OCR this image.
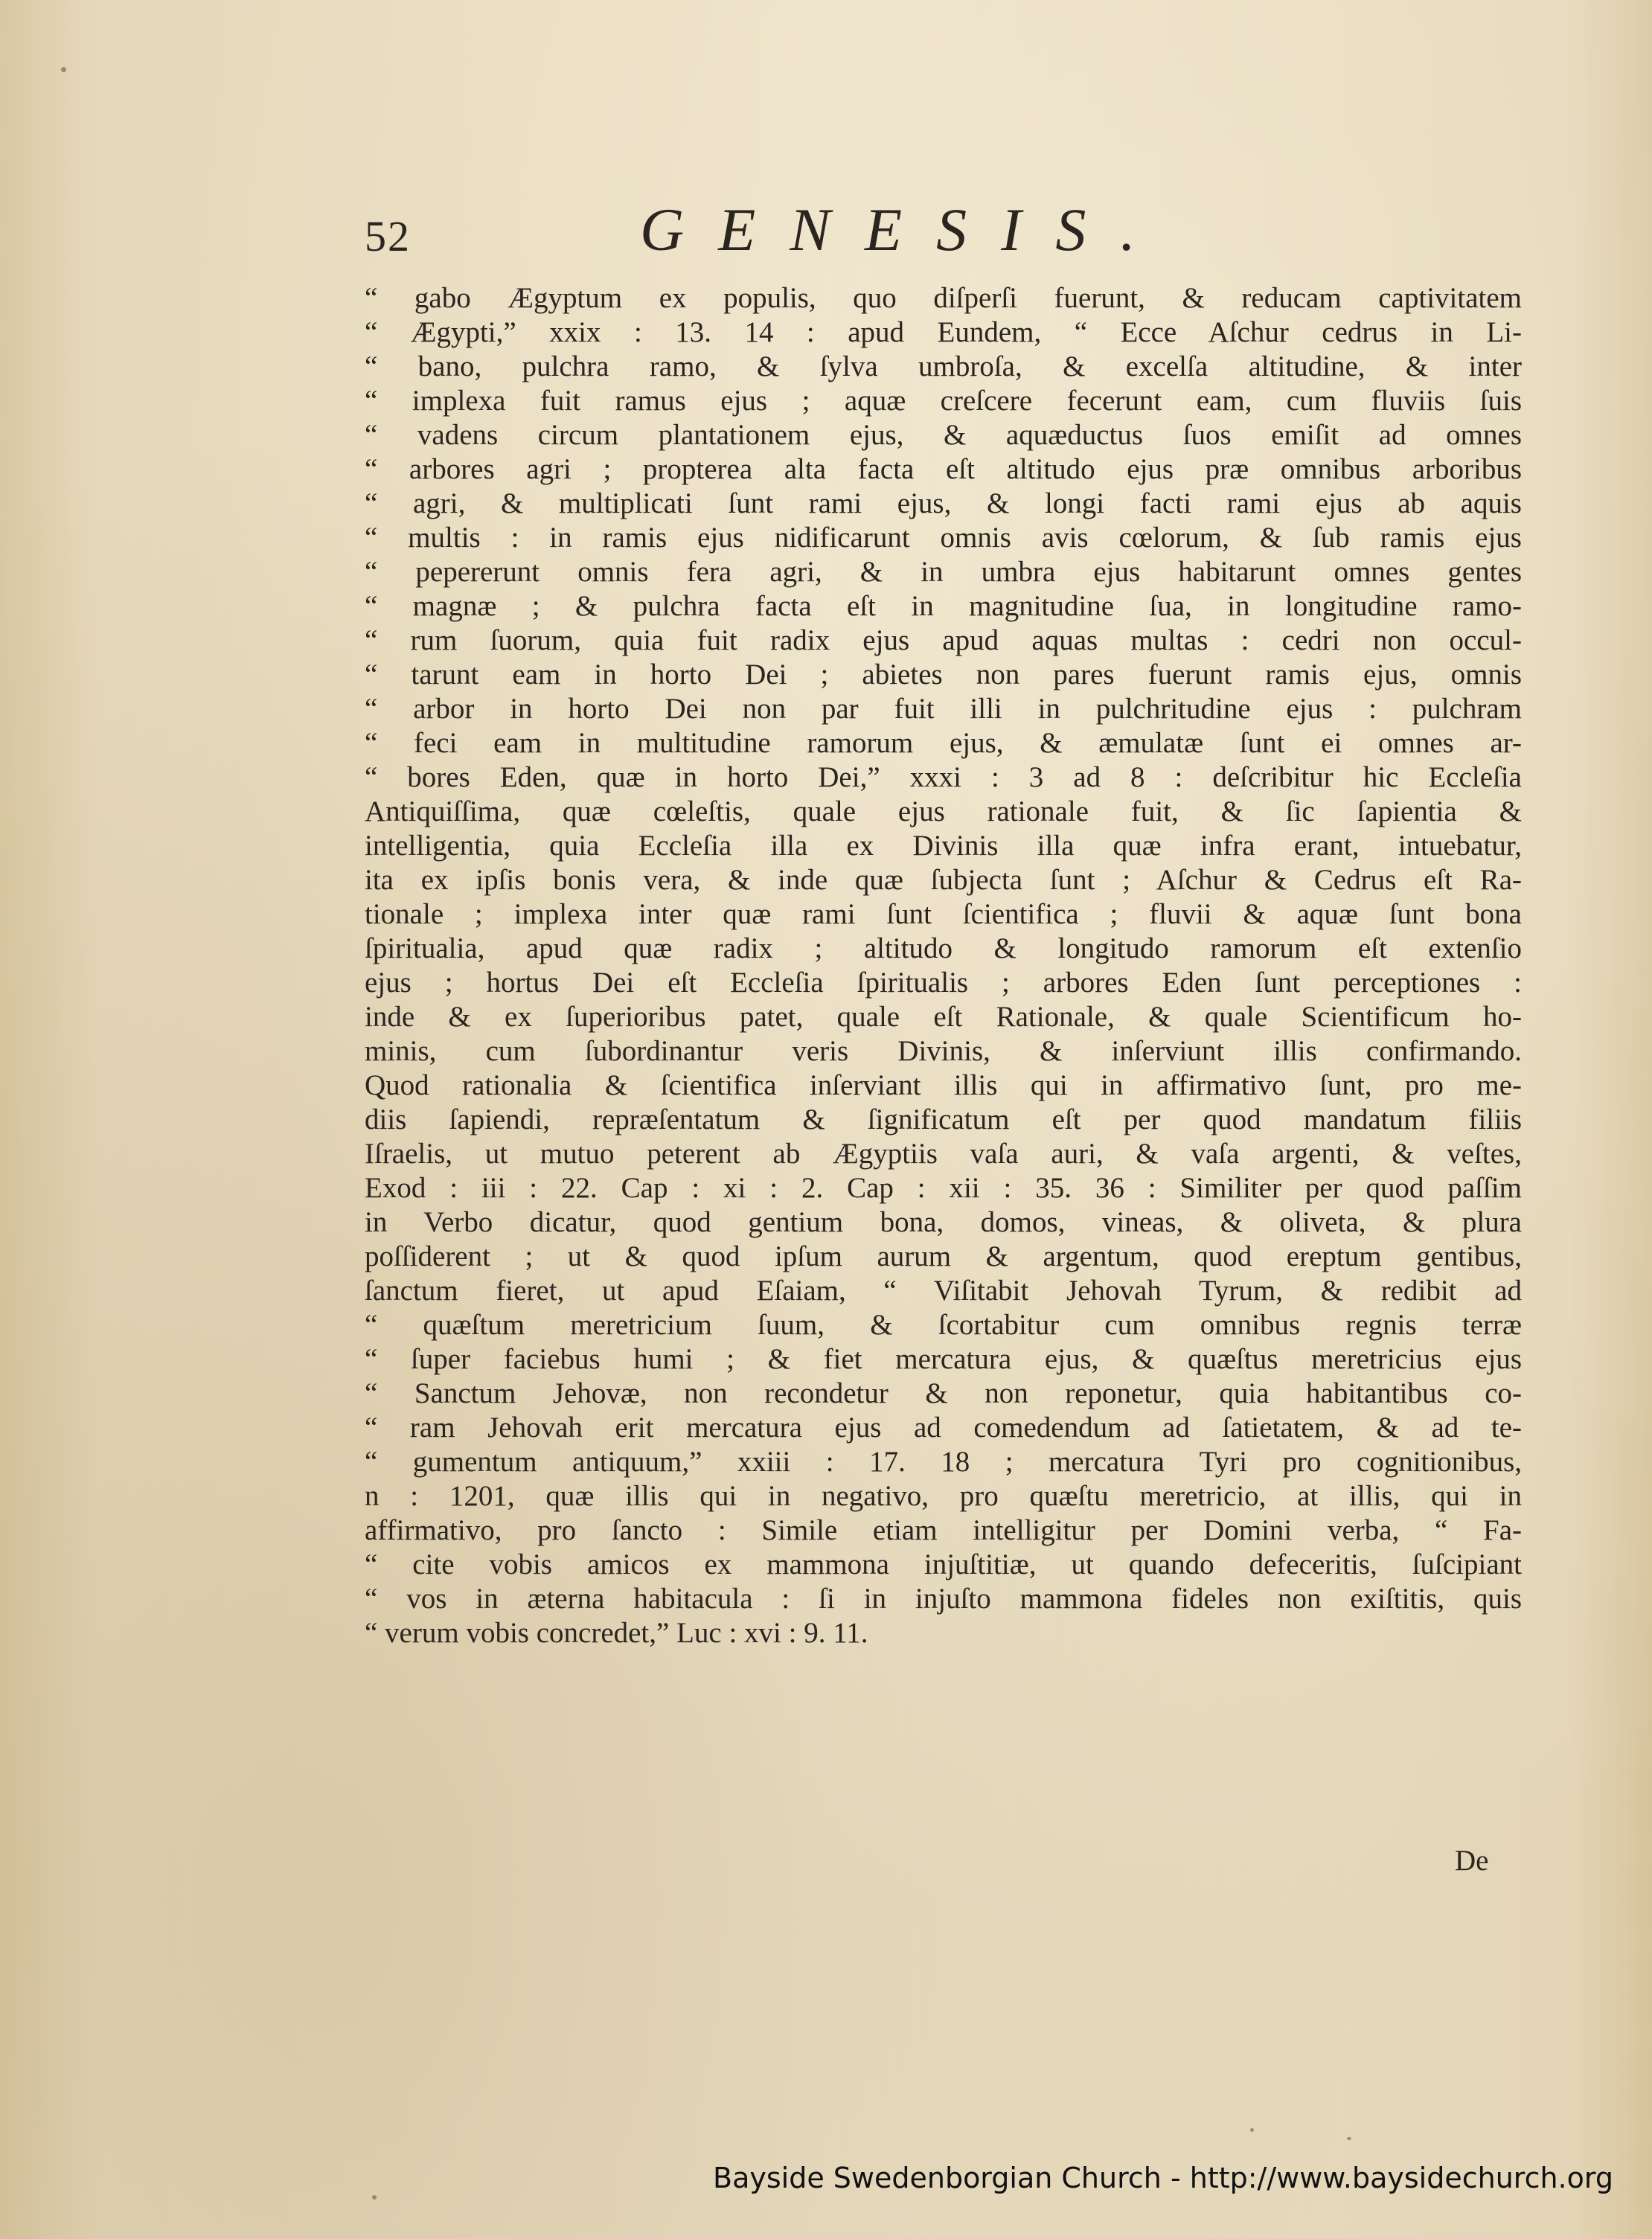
52	GENESIS.
“ gabo Ægyptum ex populis, quo diſperſi fuerunt, & reducam captivitatem
“ Ægypti,” xxix : 13. 14 : apud Eundem, “ Ecce Aſchur cedrus in Li-
“ bano, pulchra ramo, & ſylva umbroſa, & excelſa altitudine, & inter
“ implexa fuit ramus ejus ; aquæ creſcere fecerunt eam, cum fluviis ſuis
“ vadens circum plantationem ejus, & aquæductus ſuos emiſit ad omnes
“ arbores agri ; propterea alta facta eſt altitudo ejus præ omnibus arboribus
“ agri, & multiplicati ſunt rami ejus, & longi facti rami ejus ab aquis
“ multis : in ramis ejus nidificarunt omnis avis cœlorum, & ſub ramis ejus
“ pepererunt omnis fera agri, & in umbra ejus habitarunt omnes gentes
“ magnæ ; & pulchra facta eſt in magnitudine ſua, in longitudine ramo-
“ rum ſuorum, quia fuit radix ejus apud aquas multas : cedri non occul-
“ tarunt eam in horto Dei ; abietes non pares fuerunt ramis ejus, omnis
“ arbor in horto Dei non par fuit illi in pulchritudine ejus : pulchram
“ feci eam in multitudine ramorum ejus, & æmulatæ ſunt ei omnes ar-
“ bores Eden, quæ in horto Dei,” xxxi : 3 ad 8 : deſcribitur hic Eccleſia
Antiquiſſima, quæ cœleſtis, quale ejus rationale fuit, & ſic ſapientia &
intelligentia, quia Eccleſia illa ex Divinis illa quæ infra erant, intuebatur,
ita ex ipſis bonis vera, & inde quæ ſubjecta ſunt ; Aſchur & Cedrus eſt Ra-
tionale ; implexa inter quæ rami ſunt ſcientifica ; fluvii & aquæ ſunt bona
ſpiritualia, apud quæ radix ; altitudo & longitudo ramorum eſt extenſio
ejus ; hortus Dei eſt Eccleſia ſpiritualis ; arbores Eden ſunt perceptiones :
inde & ex ſuperioribus patet, quale eſt Rationale, & quale Scientificum ho-
minis, cum ſubordinantur veris Divinis, & inſerviunt illis confirmando.
Quod rationalia & ſcientifica inſerviant illis qui in affirmativo ſunt, pro me-
diis ſapiendi, repræſentatum & ſignificatum eſt per quod mandatum filiis
Iſraelis, ut mutuo peterent ab Ægyptiis vaſa auri, & vaſa argenti, & veſtes,
Exod : iii : 22. Cap : xi : 2. Cap : xii : 35. 36 : Similiter per quod paſſim
in Verbo dicatur, quod gentium bona, domos, vineas, & oliveta, & plura
poſſiderent ; ut & quod ipſum aurum & argentum, quod ereptum gentibus,
ſanctum fieret, ut apud Eſaiam, “ Viſitabit Jehovah Tyrum, & redibit ad
“ quæſtum meretricium ſuum, & ſcortabitur cum omnibus regnis terræ
“ ſuper faciebus humi ; & fiet mercatura ejus, & quæſtus meretricius ejus
“ Sanctum Jehovæ, non recondetur & non reponetur, quia habitantibus co-
“ ram Jehovah erit mercatura ejus ad comedendum ad ſatietatem, & ad te-
“ gumentum antiquum,” xxiii : 17. 18 ; mercatura Tyri pro cognitionibus,
n : 1201, quæ illis qui in negativo, pro quæſtu meretricio, at illis, qui in
affirmativo, pro ſancto : Simile etiam intelligitur per Domini verba, “ Fa-
“ cite vobis amicos ex mammona injuſtitiæ, ut quando defeceritis, ſuſcipiant
“ vos in æterna habitacula : ſi in injuſto mammona fideles non exiſtitis, quis
“ verum vobis concredet,” Luc : xvi : 9. 11.
De
Bayside Swedenborgian Church - http://www.baysidechurch.org
